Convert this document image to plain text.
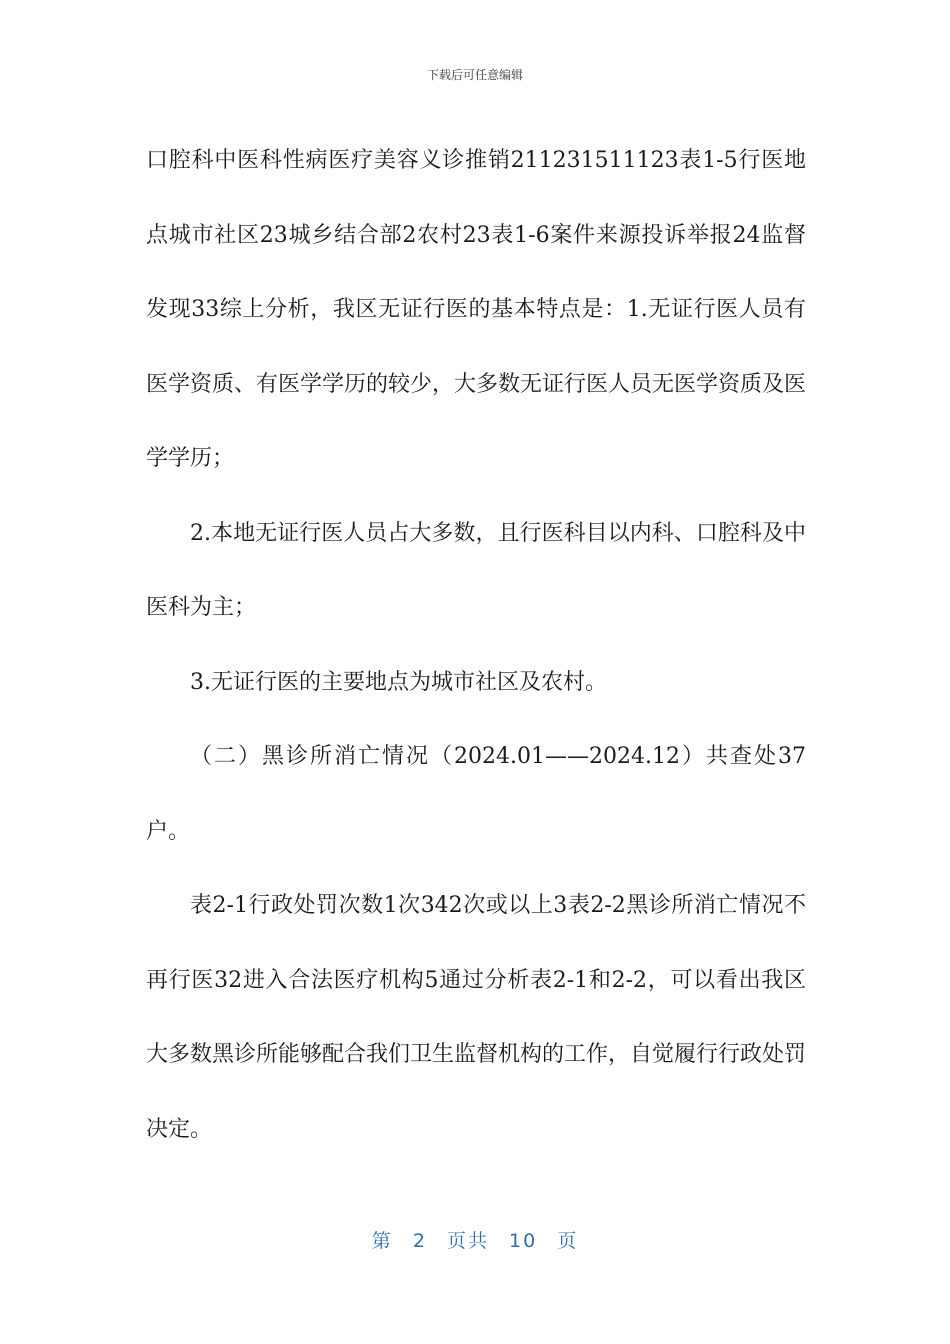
下载后可任意编辑

口腔科中医科性病医疗美容义诊推销211231511123表1-5行医地点城市社区23城乡结合部2农村23表1-6案件来源投诉举报24监督发现33综上分析，我区无证行医的基本特点是：1.无证行医人员有医学资质、有医学学历的较少，大多数无证行医人员无医学资质及医学学历；

2.本地无证行医人员占大多数，且行医科目以内科、口腔科及中医科为主；

3.无证行医的主要地点为城市社区及农村。

（二）黑诊所消亡情况（2024.01——2024.12）共查处37户。

表2-1行政处罚次数1次342次或以上3表2-2黑诊所消亡情况不再行医32进入合法医疗机构5通过分析表2-1和2-2，可以看出我区大多数黑诊所能够配合我们卫生监督机构的工作，自觉履行行政处罚决定。

第 2 页共 10 页
